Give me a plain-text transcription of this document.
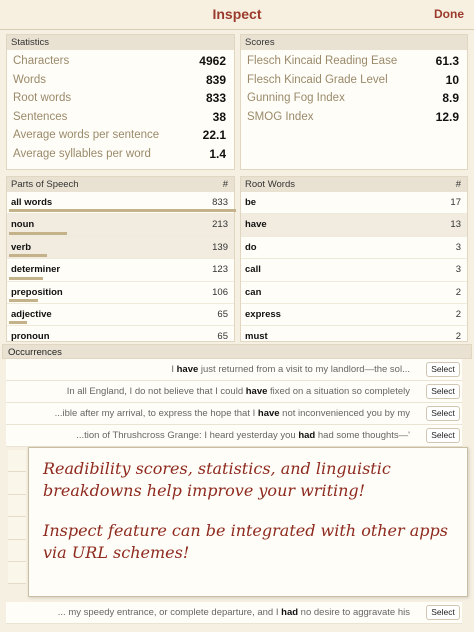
Inspect	Done
Statistics
Characters	4962
Words	839
Root words	833
Sentences	38
Average words per sentence	22.1
Average syllables per word	1.4
Scores
Flesch Kincaid Reading Ease	61.3
Flesch Kincaid Grade Level	10
Gunning Fog Index	8.9
SMOG Index	12.9
Parts of Speech	#
all words	833
noun	213
verb	139
determiner	123
preposition	106
adjective	65
pronoun	65
Root Words	#
be	17
have	13
do	3
call	3
can	2
express	2
must	2
Occurrences
I have just returned from a visit to my landlord—the sol...	Select
In all England, I do not believe that I could have fixed on a situation so completely	Select
...ible after my arrival, to express the hope that I have not inconvenienced you by my	Select
...tion of Thrushcross Grange: I heard yesterday you had had some thoughts—'	Select
... my speedy entrance, or complete departure, and I had no desire to aggravate his	Select

Readibility scores, statistics, and linguistic breakdowns help improve your writing!

Inspect feature can be integrated with other apps via URL schemes!
